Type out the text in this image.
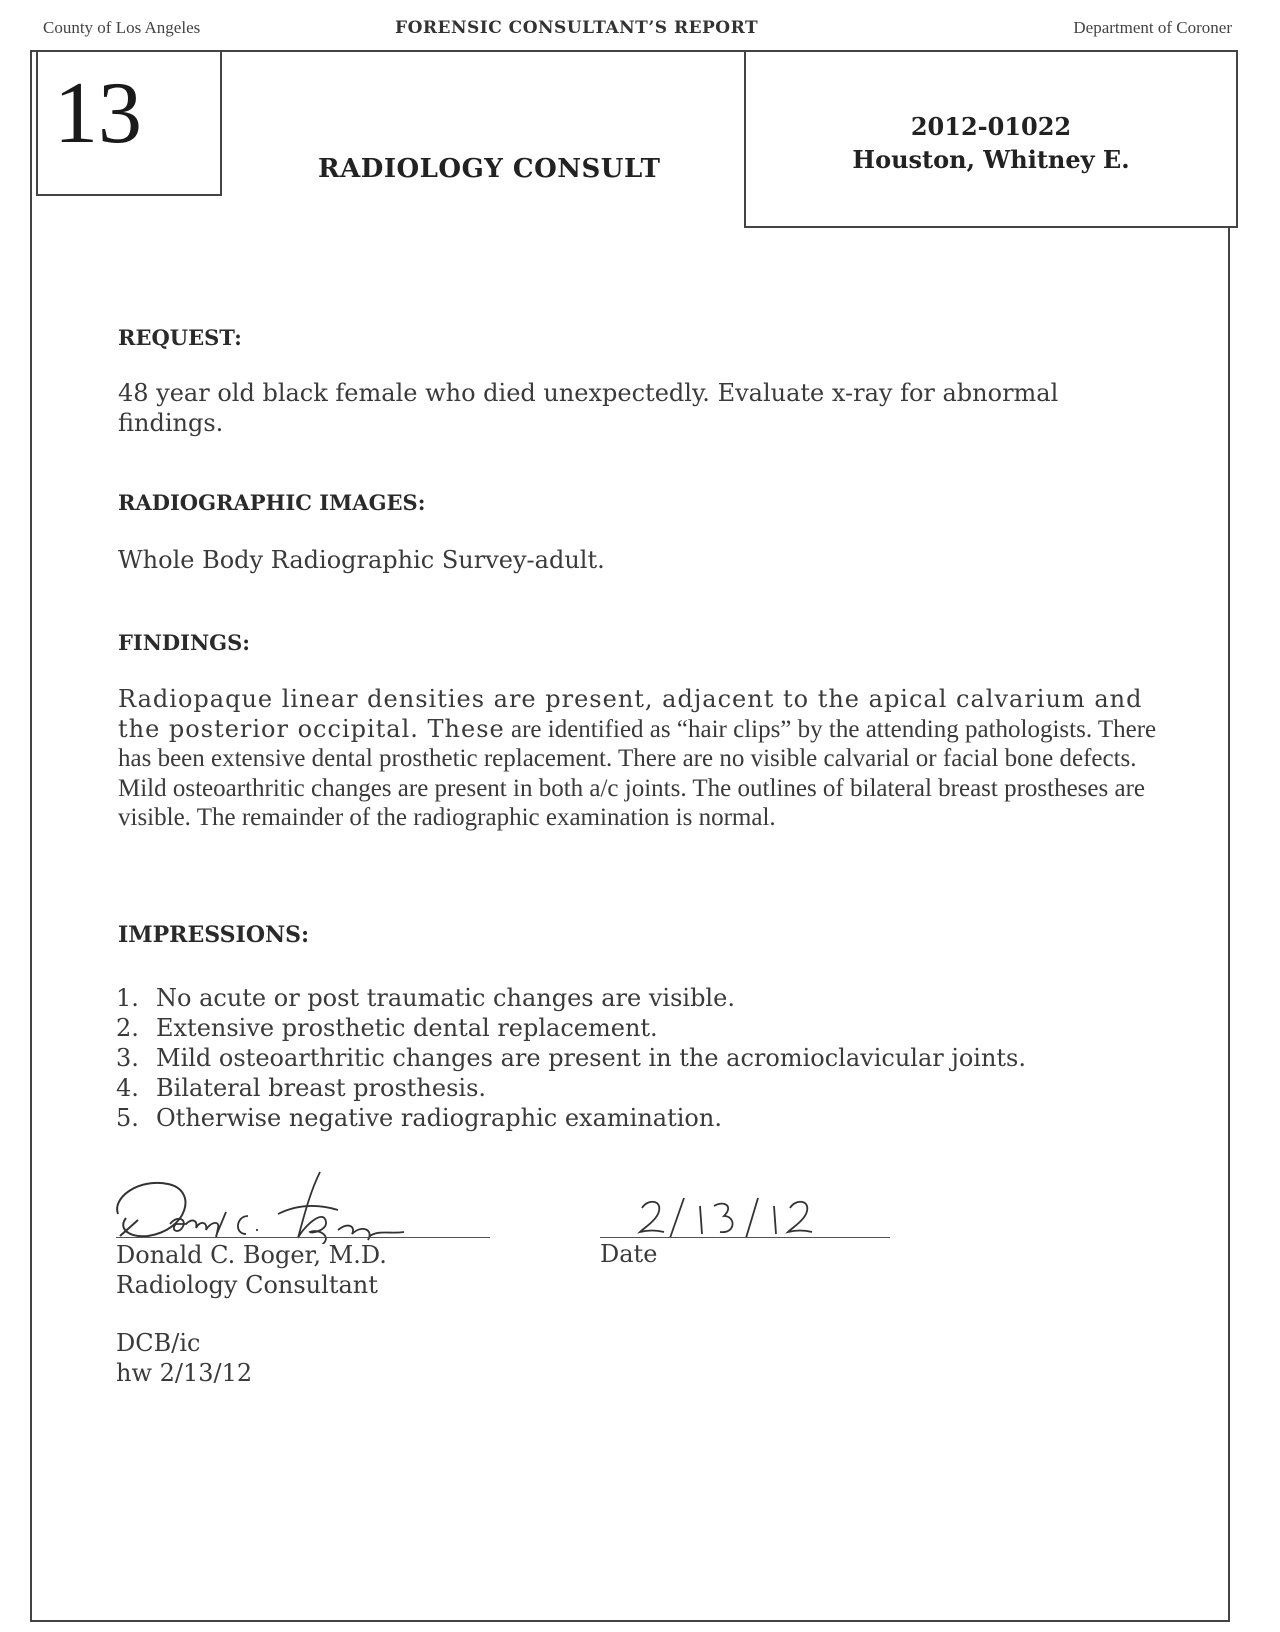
County of Los Angeles	FORENSIC CONSULTANT’S REPORT	Department of Coroner
13	2012-01022
Houston, Whitney E.
RADIOLOGY CONSULT
REQUEST:
48 year old black female who died unexpectedly. Evaluate x-ray for abnormal findings.
RADIOGRAPHIC IMAGES:
Whole Body Radiographic Survey-adult.
FINDINGS:
Radiopaque linear densities are present, adjacent to the apical calvarium and the posterior occipital. These are identified as “hair clips” by the attending pathologists. There has been extensive dental prosthetic replacement. There are no visible calvarial or facial bone defects. Mild osteoarthritic changes are present in both a/c joints. The outlines of bilateral breast prostheses are visible. The remainder of the radiographic examination is normal.
IMPRESSIONS:
1. No acute or post traumatic changes are visible.
2. Extensive prosthetic dental replacement.
3. Mild osteoarthritic changes are present in the acromioclavicular joints.
4. Bilateral breast prosthesis.
5. Otherwise negative radiographic examination.
Donald C. Boger, M.D.
Radiology Consultant
Date
DCB/ic
hw 2/13/12
